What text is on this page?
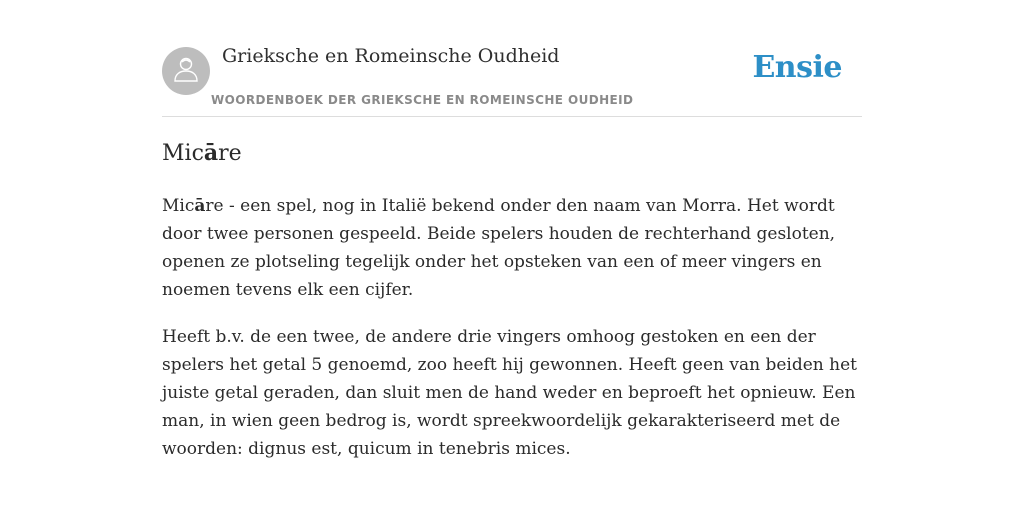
Grieksche en Romeinsche Oudheid
WOORDENBOEK DER GRIEKSCHE EN ROMEINSCHE OUDHEID
Ensie
Micāre

Micāre - een spel, nog in Italië bekend onder den naam van Morra. Het wordt door twee personen gespeeld. Beide spelers houden de rechterhand gesloten, openen ze plotseling tegelijk onder het opsteken van een of meer vingers en noemen tevens elk een cijfer.

Heeft b.v. de een twee, de andere drie vingers omhoog gestoken en een der spelers het getal 5 genoemd, zoo heeft hij gewonnen. Heeft geen van beiden het juiste getal geraden, dan sluit men de hand weder en beproeft het opnieuw. Een man, in wien geen bedrog is, wordt spreekwoordelijk gekarakteriseerd met de woorden: dignus est, quicum in tenebris mices.
